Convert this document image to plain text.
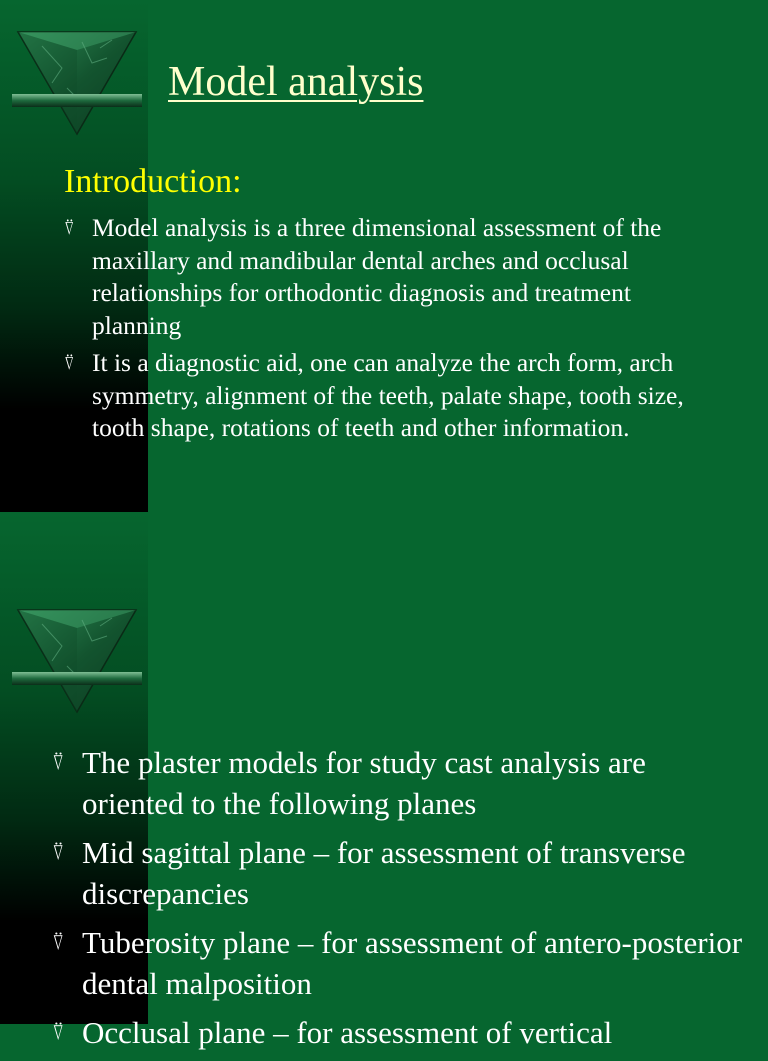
Model analysis
Introduction:
⍢ Model analysis is a three dimensional assessment of the maxillary and mandibular dental arches and occlusal relationships for orthodontic diagnosis and treatment planning
⍢ It is a diagnostic aid, one can analyze the arch form, arch symmetry, alignment of the teeth, palate shape, tooth size, tooth shape, rotations of teeth and other information.
⍢ The plaster models for study cast analysis are oriented to the following planes
⍢ Mid sagittal plane – for assessment of transverse discrepancies
⍢ Tuberosity plane – for assessment of antero-posterior dental malposition
⍢ Occlusal plane – for assessment of vertical
